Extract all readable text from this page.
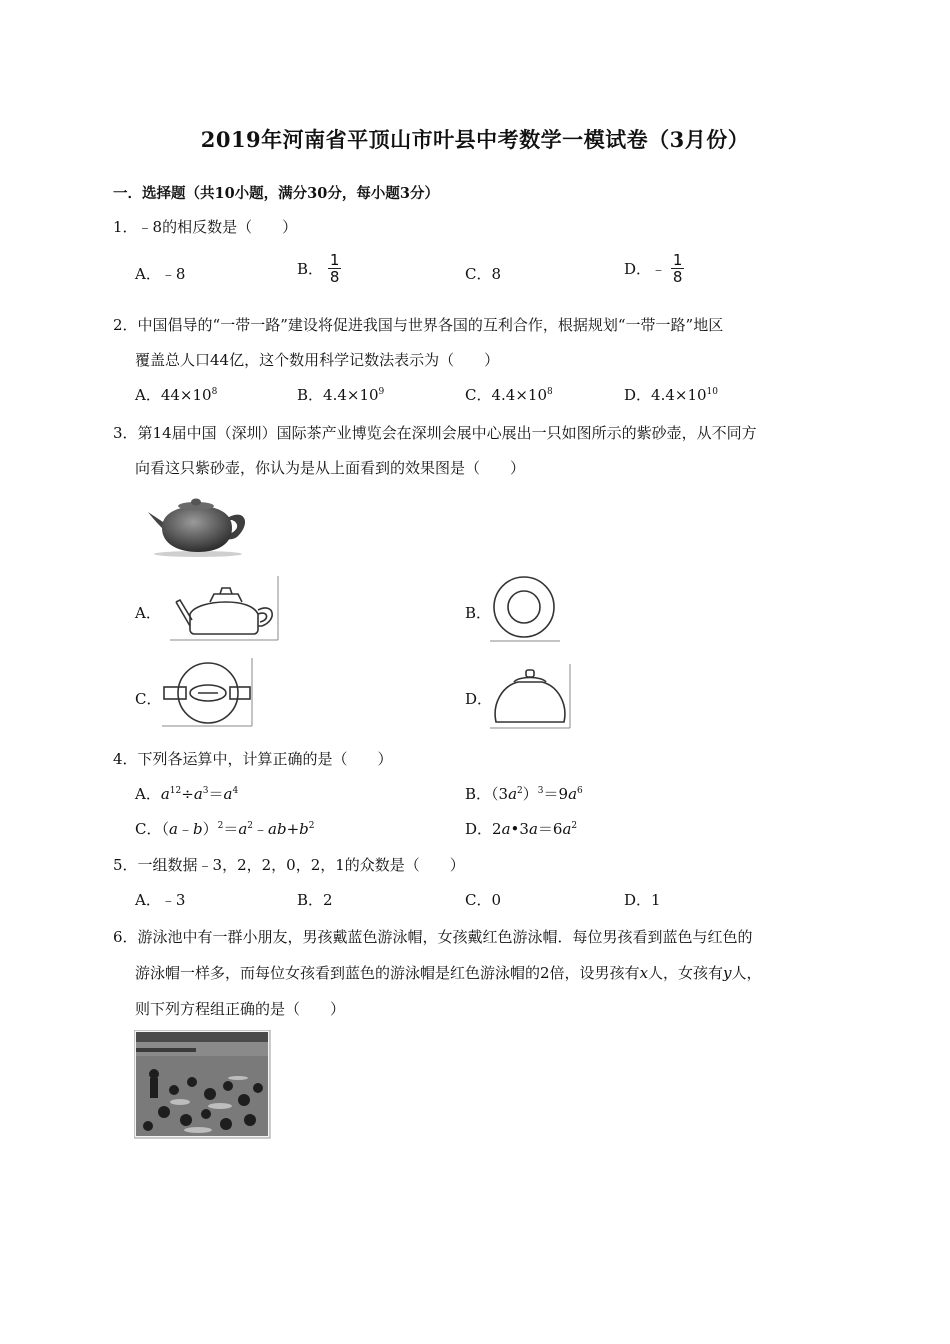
2019年河南省平顶山市叶县中考数学一模试卷（3月份）
一．选择题（共10小题，满分30分，每小题3分）
1．﹣8的相反数是（　　）
A．﹣8	B． $\frac{1}{8}$	C．8	D．﹣ $\frac{1}{8}$
2．中国倡导的“一带一路”建设将促进我国与世界各国的互利合作，根据规划“一带一路”地区
覆盖总人口44亿，这个数用科学记数法表示为（　　）
A．$44\times 10^8$	B．$4.4\times 10^9$	C．$4.4\times 10^8$	D．$4.4\times 10^{10}$
3．第14届中国（深圳）国际茶产业博览会在深圳会展中心展出一只如图所示的紫砂壶，从不同方
向看这只紫砂壶，你认为是从上面看到的效果图是（　　）
A．	B．
C．	D．
4．下列各运算中，计算正确的是（　　）
A．$a^{12}\div a^3=a^4$	B．$(3a^2)^3=9a^6$
C．$(a﹣b)^2=a^2﹣ab+b^2$	D．$2a•3a=6a^2$
5．一组数据﹣3，2，2，0，2，1的众数是（　　）
A．﹣3	B．2	C．0	D．1
6．游泳池中有一群小朋友，男孩戴蓝色游泳帽，女孩戴红色游泳帽．每位男孩看到蓝色与红色的
游泳帽一样多，而每位女孩看到蓝色的游泳帽是红色游泳帽的2倍，设男孩有x人，女孩有y人，
则下列方程组正确的是（　　）
